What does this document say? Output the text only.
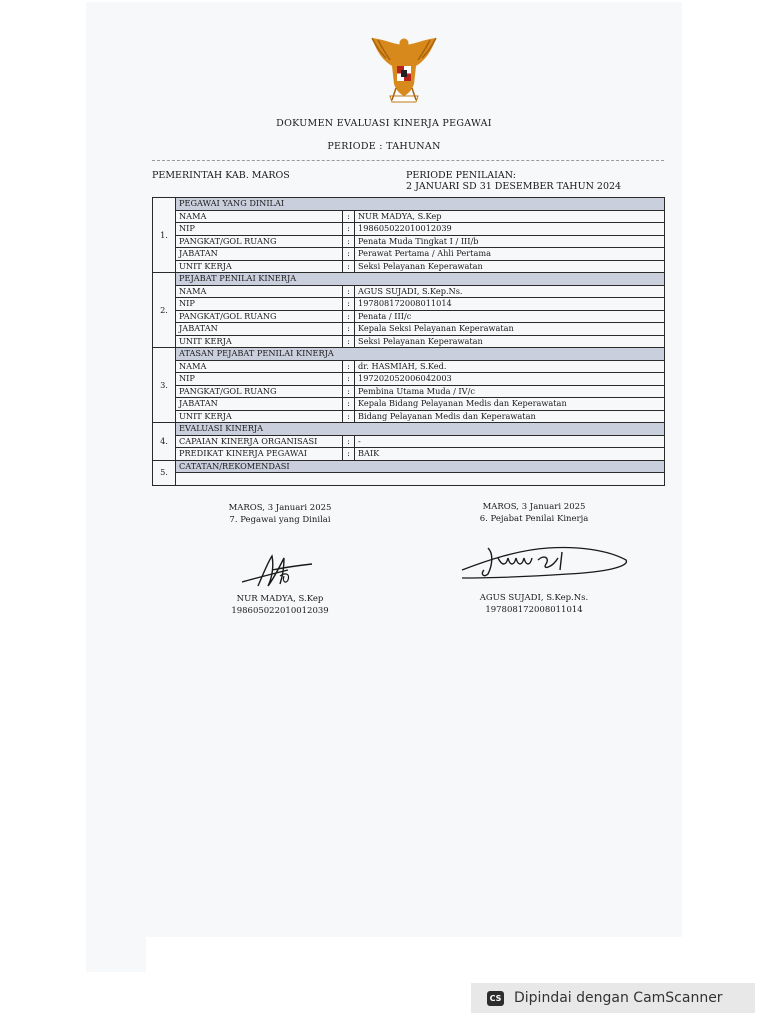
DOKUMEN EVALUASI KINERJA PEGAWAI
PERIODE : TAHUNAN
PEMERINTAH KAB. MAROS	PERIODE PENILAIAN:
2 JANUARI SD 31 DESEMBER TAHUN 2024
1.	PEGAWAI YANG DINILAI		
	NAMA	:	NUR MADYA, S.Kep
	NIP	:	198605022010012039
	PANGKAT/GOL RUANG	:	Penata Muda Tingkat I / III/b
	JABATAN	:	Perawat Pertama / Ahli Pertama
	UNIT KERJA	:	Seksi Pelayanan Keperawatan
2.	PEJABAT PENILAI KINERJA		
	NAMA	:	AGUS SUJADI, S.Kep.Ns.
	NIP	:	197808172008011014
	PANGKAT/GOL RUANG	:	Penata / III/c
	JABATAN	:	Kepala Seksi Pelayanan Keperawatan
	UNIT KERJA	:	Seksi Pelayanan Keperawatan
3.	ATASAN PEJABAT PENILAI KINERJA		
	NAMA	:	dr. HASMIAH, S.Ked.
	NIP	:	197202052006042003
	PANGKAT/GOL RUANG	:	Pembina Utama Muda / IV/c
	JABATAN	:	Kepala Bidang Pelayanan Medis dan Keperawatan
	UNIT KERJA	:	Bidang Pelayanan Medis dan Keperawatan
4.	EVALUASI KINERJA		
	CAPAIAN KINERJA ORGANISASI	:	-
	PREDIKAT KINERJA PEGAWAI	:	BAIK
5.	CATATAN/REKOMENDASI		

MAROS, 3 Januari 2025
7. Pegawai yang Dinilai
NUR MADYA, S.Kep
198605022010012039
MAROS, 3 Januari 2025
6. Pejabat Penilai Kinerja
AGUS SUJADI, S.Kep.Ns.
197808172008011014
CS Dipindai dengan CamScanner
